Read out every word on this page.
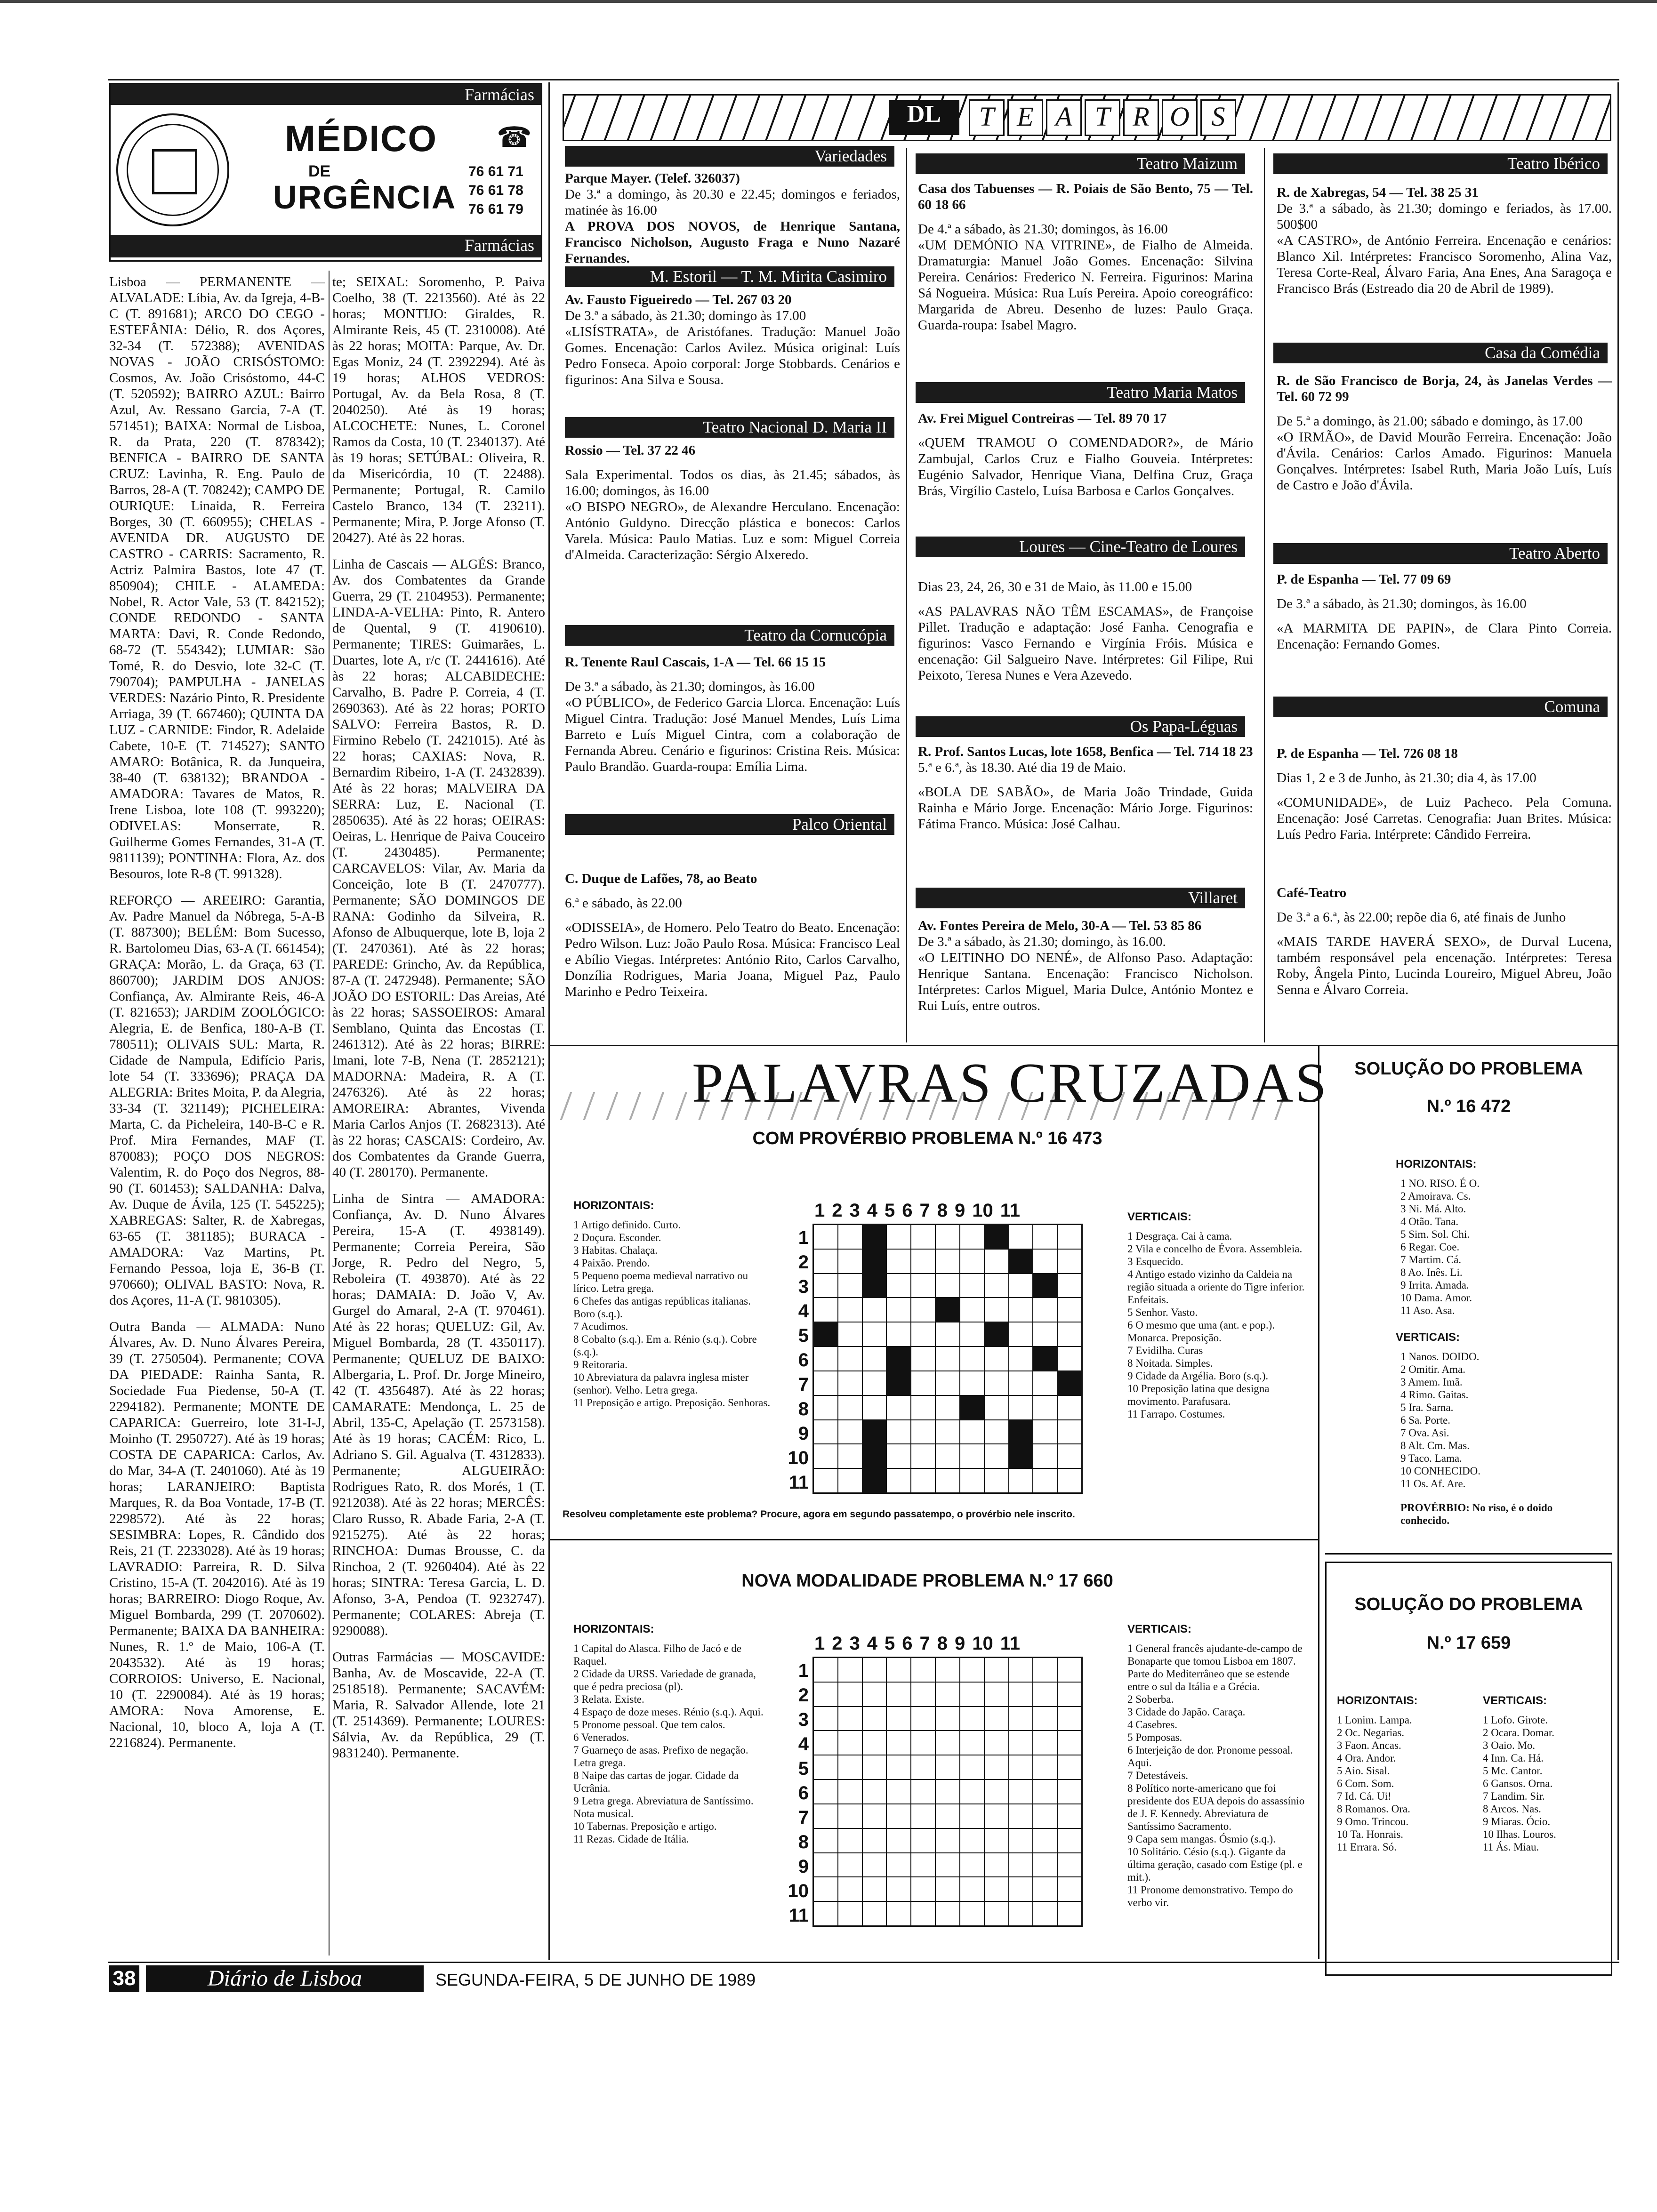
Farmácias
MÉDICO ☎
DE
URGÊNCIA
76 61 71
76 61 78
76 61 79
Farmácias
DL	T E A T R O S

Lisboa — PERMANENTE — ALVALADE: Líbia, Av. da Igreja, 4-B-C (T. 891681); ARCO DO CEGO - ESTEFÂNIA: Délio, R. dos Açores, 32-34 (T. 572388); AVENIDAS NOVAS - JOÃO CRISÓSTOMO: Cosmos, Av. João Crisóstomo, 44-C (T. 520592); BAIRRO AZUL: Bairro Azul, Av. Ressano Garcia, 7-A (T. 571451); BAIXA: Normal de Lisboa, R. da Prata, 220 (T. 878342); BENFICA - BAIRRO DE SANTA CRUZ: Lavinha, R. Eng. Paulo de Barros, 28-A (T. 708242); CAMPO DE OURIQUE: Linaida, R. Ferreira Borges, 30 (T. 660955); CHELAS - AVENIDA DR. AUGUSTO DE CASTRO - CARRIS: Sacramento, R. Actriz Palmira Bastos, lote 47 (T. 850904); CHILE - ALAMEDA: Nobel, R. Actor Vale, 53 (T. 842152); CONDE REDONDO - SANTA MARTA: Davi, R. Conde Redondo, 68-72 (T. 554342); LUMIAR: São Tomé, R. do Desvio, lote 32-C (T. 790704); PAMPULHA - JANELAS VERDES: Nazário Pinto, R. Presidente Arriaga, 39 (T. 667460); QUINTA DA LUZ - CARNIDE: Findor, R. Adelaide Cabete, 10-E (T. 714527); SANTO AMARO: Botânica, R. da Junqueira, 38-40 (T. 638132); BRANDOA - AMADORA: Tavares de Matos, R. Irene Lisboa, lote 108 (T. 993220); ODIVELAS: Monserrate, R. Guilherme Gomes Fernandes, 31-A (T. 9811139); PONTINHA: Flora, Az. dos Besouros, lote R-8 (T. 991328).

REFORÇO — AREEIRO: Garantia, Av. Padre Manuel da Nóbrega, 5-A-B (T. 887300); BELÉM: Bom Sucesso, R. Bartolomeu Dias, 63-A (T. 661454); GRAÇA: Morão, L. da Graça, 63 (T. 860700); JARDIM DOS ANJOS: Confiança, Av. Almirante Reis, 46-A (T. 821653); JARDIM ZOOLÓGICO: Alegria, E. de Benfica, 180-A-B (T. 780511); OLIVAIS SUL: Marta, R. Cidade de Nampula, Edifício Paris, lote 54 (T. 333696); PRAÇA DA ALEGRIA: Brites Moita, P. da Alegria, 33-34 (T. 321149); PICHELEIRA: Marta, C. da Picheleira, 140-B-C e R. Prof. Mira Fernandes, MAF (T. 870083); POÇO DOS NEGROS: Valentim, R. do Poço dos Negros, 88-90 (T. 601453); SALDANHA: Dalva, Av. Duque de Ávila, 125 (T. 545225); XABREGAS: Salter, R. de Xabregas, 63-65 (T. 381185); BURACA - AMADORA: Vaz Martins, Pt. Fernando Pessoa, loja E, 36-B (T. 970660); OLIVAL BASTO: Nova, R. dos Açores, 11-A (T. 9810305).

Outra Banda — ALMADA: Nuno Álvares, Av. D. Nuno Álvares Pereira, 39 (T. 2750504). Permanente; COVA DA PIEDADE: Rainha Santa, R. Sociedade Fua Piedense, 50-A (T. 2294182). Permanente; MONTE DE CAPARICA: Guerreiro, lote 31-I-J, Moinho (T. 2950727). Até às 19 horas; COSTA DE CAPARICA: Carlos, Av. do Mar, 34-A (T. 2401060). Até às 19 horas; LARANJEIRO: Baptista Marques, R. da Boa Vontade, 17-B (T. 2298572). Até às 22 horas; SESIMBRA: Lopes, R. Cândido dos Reis, 21 (T. 2233028). Até às 19 horas; LAVRADIO: Parreira, R. D. Silva Cristino, 15-A (T. 2042016). Até às 19 horas; BARREIRO: Diogo Roque, Av. Miguel Bombarda, 299 (T. 2070602). Permanente; BAIXA DA BANHEIRA: Nunes, R. 1.º de Maio, 106-A (T. 2043532). Até às 19 horas; CORROIOS: Universo, E. Nacional, 10 (T. 2290084). Até às 19 horas; AMORA: Nova Amorense, E. Nacional, 10, bloco A, loja A (T. 2216824). Permanente.

te; SEIXAL: Soromenho, P. Paiva Coelho, 38 (T. 2213560). Até às 22 horas; MONTIJO: Giraldes, R. Almirante Reis, 45 (T. 2310008). Até às 22 horas; MOITA: Parque, Av. Dr. Egas Moniz, 24 (T. 2392294). Até às 19 horas; ALHOS VEDROS: Portugal, Av. da Bela Rosa, 8 (T. 2040250). Até às 19 horas; ALCOCHETE: Nunes, L. Coronel Ramos da Costa, 10 (T. 2340137). Até às 19 horas; SETÚBAL: Oliveira, R. da Misericórdia, 10 (T. 22488). Permanente; Portugal, R. Camilo Castelo Branco, 134 (T. 23211). Permanente; Mira, P. Jorge Afonso (T. 20427). Até às 22 horas.

Linha de Cascais — ALGÉS: Branco, Av. dos Combatentes da Grande Guerra, 29 (T. 2104953). Permanente; LINDA-A-VELHA: Pinto, R. Antero de Quental, 9 (T. 4190610). Permanente; TIRES: Guimarães, L. Duartes, lote A, r/c (T. 2441616). Até às 22 horas; ALCABIDECHE: Carvalho, B. Padre P. Correia, 4 (T. 2690363). Até às 22 horas; PORTO SALVO: Ferreira Bastos, R. D. Firmino Rebelo (T. 2421015). Até às 22 horas; CAXIAS: Nova, R. Bernardim Ribeiro, 1-A (T. 2432839). Até às 22 horas; MALVEIRA DA SERRA: Luz, E. Nacional (T. 2850635). Até às 22 horas; OEIRAS: Oeiras, L. Henrique de Paiva Couceiro (T. 2430485). Permanente; CARCAVELOS: Vilar, Av. Maria da Conceição, lote B (T. 2470777). Permanente; SÃO DOMINGOS DE RANA: Godinho da Silveira, R. Afonso de Albuquerque, lote B, loja 2 (T. 2470361). Até às 22 horas; PAREDE: Grincho, Av. da República, 87-A (T. 2472948). Permanente; SÃO JOÃO DO ESTORIL: Das Areias, Até às 22 horas; SASSOEIROS: Amaral Semblano, Quinta das Encostas (T. 2461312). Até às 22 horas; BIRRE: Imani, lote 7-B, Nena (T. 2852121); MADORNA: Madeira, R. A (T. 2476326). Até às 22 horas; AMOREIRA: Abrantes, Vivenda Maria Carlos Anjos (T. 2682313). Até às 22 horas; CASCAIS: Cordeiro, Av. dos Combatentes da Grande Guerra, 40 (T. 280170). Permanente.

Linha de Sintra — AMADORA: Confiança, Av. D. Nuno Álvares Pereira, 15-A (T. 4938149). Permanente; Correia Pereira, São Jorge, R. Pedro del Negro, 5, Reboleira (T. 493870). Até às 22 horas; DAMAIA: D. João V, Av. Gurgel do Amaral, 2-A (T. 970461). Até às 22 horas; QUELUZ: Gil, Av. Miguel Bombarda, 28 (T. 4350117). Permanente; QUELUZ DE BAIXO: Albergaria, L. Prof. Dr. Jorge Mineiro, 42 (T. 4356487). Até às 22 horas; CAMARATE: Mendonça, L. 25 de Abril, 135-C, Apelação (T. 2573158). Até às 19 horas; CACÉM: Rico, L. Adriano S. Gil. Agualva (T. 4312833). Permanente; ALGUEIRÃO: Rodrigues Rato, R. dos Morés, 1 (T. 9212038). Até às 22 horas; MERCÊS: Claro Russo, R. Abade Faria, 2-A (T. 9215275). Até às 22 horas; RINCHOA: Dumas Brousse, C. da Rinchoa, 2 (T. 9260404). Até às 22 horas; SINTRA: Teresa Garcia, L. D. Afonso, 3-A, Pendoa (T. 9232747). Permanente; COLARES: Abreja (T. 9290088).

Outras Farmácias — MOSCAVIDE: Banha, Av. de Moscavide, 22-A (T. 2518518). Permanente; SACAVÉM: Maria, R. Salvador Allende, lote 21 (T. 2514369). Permanente; LOURES: Sálvia, Av. da República, 29 (T. 9831240). Permanente.

Variedades

Parque Mayer. (Telef. 326037)
De 3.ª a domingo, às 20.30 e 22.45; domingos e feriados, matinée às 16.00
A PROVA DOS NOVOS, de Henrique Santana, Francisco Nicholson, Augusto Fraga e Nuno Nazaré Fernandes.

M. Estoril — T. M. Mirita Casimiro

Av. Fausto Figueiredo — Tel. 267 03 20
De 3.ª a sábado, às 21.30; domingo às 17.00
«LISÍSTRATA», de Aristófanes. Tradução: Manuel João Gomes. Encenação: Carlos Avilez. Música original: Luís Pedro Fonseca. Apoio corporal: Jorge Stobbards. Cenários e figurinos: Ana Silva e Sousa.

Teatro Nacional D. Maria II

Rossio — Tel. 37 22 46

Sala Experimental. Todos os dias, às 21.45; sábados, às 16.00; domingos, às 16.00
«O BISPO NEGRO», de Alexandre Herculano. Encenação: António Guldyno. Direcção plástica e bonecos: Carlos Varela. Música: Paulo Matias. Luz e som: Miguel Correia d'Almeida. Caracterização: Sérgio Alxeredo.

Teatro da Cornucópia

R. Tenente Raul Cascais, 1-A — Tel. 66 15 15

De 3.ª a sábado, às 21.30; domingos, às 16.00
«O PÚBLICO», de Federico Garcia Llorca. Encenação: Luís Miguel Cintra. Tradução: José Manuel Mendes, Luís Lima Barreto e Luís Miguel Cintra, com a colaboração de Fernanda Abreu. Cenário e figurinos: Cristina Reis. Música: Paulo Brandão. Guarda-roupa: Emília Lima.

Palco Oriental

C. Duque de Lafões, 78, ao Beato

6.ª e sábado, às 22.00

«ODISSEIA», de Homero. Pelo Teatro do Beato. Encenação: Pedro Wilson. Luz: João Paulo Rosa. Música: Francisco Leal e Abílio Viegas. Intérpretes: António Rito, Carlos Carvalho, Donzília Rodrigues, Maria Joana, Miguel Paz, Paulo Marinho e Pedro Teixeira.

Teatro Maizum

Casa dos Tabuenses — R. Poiais de São Bento, 75 — Tel. 60 18 66

De 4.ª a sábado, às 21.30; domingos, às 16.00
«UM DEMÓNIO NA VITRINE», de Fialho de Almeida. Dramaturgia: Manuel João Gomes. Encenação: Silvina Pereira. Cenários: Frederico N. Ferreira. Figurinos: Marina Sá Nogueira. Música: Rua Luís Pereira. Apoio coreográfico: Margarida de Abreu. Desenho de luzes: Paulo Graça. Guarda-roupa: Isabel Magro.

Teatro Maria Matos

Av. Frei Miguel Contreiras — Tel. 89 70 17

«QUEM TRAMOU O COMENDADOR?», de Mário Zambujal, Carlos Cruz e Fialho Gouveia. Intérpretes: Eugénio Salvador, Henrique Viana, Delfina Cruz, Graça Brás, Virgílio Castelo, Luísa Barbosa e Carlos Gonçalves.

Loures — Cine-Teatro de Loures

Dias 23, 24, 26, 30 e 31 de Maio, às 11.00 e 15.00

«AS PALAVRAS NÃO TÊM ESCAMAS», de Françoise Pillet. Tradução e adaptação: José Fanha. Cenografia e figurinos: Vasco Fernando e Virgínia Fróis. Música e encenação: Gil Salgueiro Nave. Intérpretes: Gil Filipe, Rui Peixoto, Teresa Nunes e Vera Azevedo.

Os Papa-Léguas

R. Prof. Santos Lucas, lote 1658, Benfica — Tel. 714 18 23
5.ª e 6.ª, às 18.30. Até dia 19 de Maio.

«BOLA DE SABÃO», de Maria João Trindade, Guida Rainha e Mário Jorge. Encenação: Mário Jorge. Figurinos: Fátima Franco. Música: José Calhau.

Villaret

Av. Fontes Pereira de Melo, 30-A — Tel. 53 85 86
De 3.ª a sábado, às 21.30; domingo, às 16.00.
«O LEITINHO DO NENÉ», de Alfonso Paso. Adaptação: Henrique Santana. Encenação: Francisco Nicholson. Intérpretes: Carlos Miguel, Maria Dulce, António Montez e Rui Luís, entre outros.

Teatro Ibérico

R. de Xabregas, 54 — Tel. 38 25 31
De 3.ª a sábado, às 21.30; domingo e feriados, às 17.00. 500$00
«A CASTRO», de António Ferreira. Encenação e cenários: Blanco Xil. Intérpretes: Francisco Soromenho, Alina Vaz, Teresa Corte-Real, Álvaro Faria, Ana Enes, Ana Saragoça e Francisco Brás (Estreado dia 20 de Abril de 1989).

Casa da Comédia

R. de São Francisco de Borja, 24, às Janelas Verdes — Tel. 60 72 99

De 5.ª a domingo, às 21.00; sábado e domingo, às 17.00
«O IRMÃO», de David Mourão Ferreira. Encenação: João d'Ávila. Cenários: Carlos Amado. Figurinos: Manuela Gonçalves. Intérpretes: Isabel Ruth, Maria João Luís, Luís de Castro e João d'Ávila.

Teatro Aberto

P. de Espanha — Tel. 77 09 69

De 3.ª a sábado, às 21.30; domingos, às 16.00

«A MARMITA DE PAPIN», de Clara Pinto Correia. Encenação: Fernando Gomes.

Comuna

P. de Espanha — Tel. 726 08 18

Dias 1, 2 e 3 de Junho, às 21.30; dia 4, às 17.00

«COMUNIDADE», de Luiz Pacheco. Pela Comuna. Encenação: José Carretas. Cenografia: Juan Brites. Música: Luís Pedro Faria. Intérprete: Cândido Ferreira.

Café-Teatro

De 3.ª a 6.ª, às 22.00; repõe dia 6, até finais de Junho

«MAIS TARDE HAVERÁ SEXO», de Durval Lucena, também responsável pela encenação. Intérpretes: Teresa Roby, Ângela Pinto, Lucinda Loureiro, Miguel Abreu, João Senna e Álvaro Correia.

PALAVRAS CRUZADAS
COM PROVÉRBIO PROBLEMA N.º 16 473
HORIZONTAIS:
1 Artigo definido. Curto.
2 Doçura. Esconder.
3 Habitas. Chalaça.
4 Paixão. Prendo.
5 Pequeno poema medieval narrativo ou lírico. Letra grega.
6 Chefes das antigas repúblicas italianas. Boro (s.q.).
7 Acudimos.
8 Cobalto (s.q.). Em a. Rénio (s.q.). Cobre (s.q.).
9 Reitoraria.
10 Abreviatura da palavra inglesa mister (senhor). Velho. Letra grega.
11 Preposição e artigo. Preposição. Senhoras.
1 2 3 4 5 6 7 8 9 10 11
1
2
3
4
5
6
7
8
9
10
11
VERTICAIS:
1 Desgraça. Cai à cama.
2 Vila e concelho de Évora. Assembleia.
3 Esquecido.
4 Antigo estado vizinho da Caldeia na região situada a oriente do Tigre inferior. Enfeitais.
5 Senhor. Vasto.
6 O mesmo que uma (ant. e pop.). Monarca. Preposição.
7 Evidilha. Curas
8 Noitada. Simples.
9 Cidade da Argélia. Boro (s.q.).
10 Preposição latina que designa movimento. Parafusara.
11 Farrapo. Costumes.
Resolveu completamente este problema? Procure, agora em segundo passatempo, o provérbio nele inscrito.
SOLUÇÃO DO PROBLEMA
N.º 16 472
HORIZONTAIS:
1 NO. RISO. É O.
2 Amoirava. Cs.
3 Ni. Má. Alto.
4 Otão. Tana.
5 Sim. Sol. Chi.
6 Regar. Coe.
7 Martim. Cá.
8 Ao. Inês. Li.
9 Irrita. Amada.
10 Dama. Amor.
11 Aso. Asa.
VERTICAIS:
1 Nanos. DOIDO.
2 Omitir. Ama.
3 Amem. Imã.
4 Rimo. Gaitas.
5 Ira. Sarna.
6 Sa. Porte.
7 Ova. Asi.
8 Alt. Cm. Mas.
9 Taco. Lama.
10 CONHECIDO.
11 Os. Af. Are.
PROVÉRBIO: No riso, é o doido conhecido.
NOVA MODALIDADE PROBLEMA N.º 17 660
HORIZONTAIS:
1 Capital do Alasca. Filho de Jacó e de Raquel.
2 Cidade da URSS. Variedade de granada, que é pedra preciosa (pl).
3 Relata. Existe.
4 Espaço de doze meses. Rénio (s.q.). Aqui.
5 Pronome pessoal. Que tem calos.
6 Venerados.
7 Guarneço de asas. Prefixo de negação. Letra grega.
8 Naipe das cartas de jogar. Cidade da Ucrânia.
9 Letra grega. Abreviatura de Santíssimo. Nota musical.
10 Tabernas. Preposição e artigo.
11 Rezas. Cidade de Itália.
1 2 3 4 5 6 7 8 9 10 11
1
2
3
4
5
6
7
8
9
10
11
VERTICAIS:
1 General francês ajudante-de-campo de Bonaparte que tomou Lisboa em 1807. Parte do Mediterrâneo que se estende entre o sul da Itália e a Grécia.
2 Soberba.
3 Cidade do Japão. Caraça.
4 Casebres.
5 Pomposas.
6 Interjeição de dor. Pronome pessoal. Aqui.
7 Detestáveis.
8 Político norte-americano que foi presidente dos EUA depois do assassínio de J. F. Kennedy. Abreviatura de Santíssimo Sacramento.
9 Capa sem mangas. Ósmio (s.q.).
10 Solitário. Césio (s.q.). Gigante da última geração, casado com Estige (pl. e mit.).
11 Pronome demonstrativo. Tempo do verbo vir.
SOLUÇÃO DO PROBLEMA
N.º 17 659
HORIZONTAIS:
1 Lonim. Lampa.
2 Oc. Negarias.
3 Faon. Ancas.
4 Ora. Andor.
5 Aio. Sisal.
6 Com. Som.
7 Id. Cá. Ui!
8 Romanos. Ora.
9 Omo. Trincou.
10 Ta. Honrais.
11 Errara. Só.
VERTICAIS:
1 Lofo. Girote.
2 Ocara. Domar.
3 Oaio. Mo.
4 Inn. Ca. Há.
5 Mc. Cantor.
6 Gansos. Orna.
7 Landim. Sir.
8 Arcos. Nas.
9 Miaras. Ócio.
10 Ilhas. Louros.
11 Ás. Miau.
38	Diário de Lisboa	SEGUNDA-FEIRA, 5 DE JUNHO DE 1989
